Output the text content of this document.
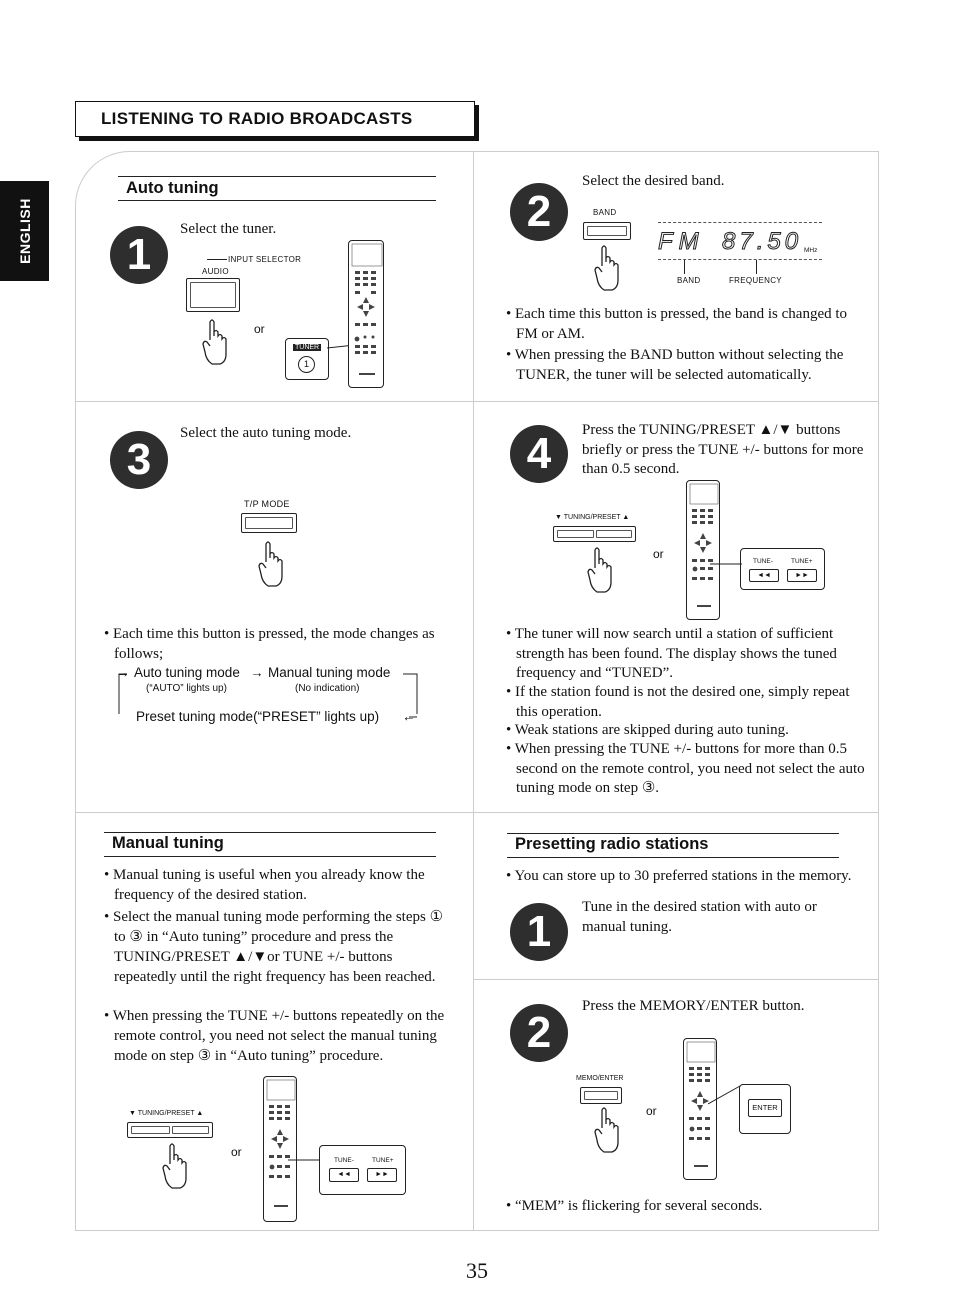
LISTENING TO RADIO BROADCASTS
ENGLISH
Auto tuning
1
Select the tuner.
INPUT SELECTOR
AUDIO
or
TUNER
1
2
Select the desired band.
BAND
FM 87.50 MHz
BAND	FREQUENCY
• Each time this button is pressed, the band is changed to FM or AM.
• When pressing the BAND button without selecting the TUNER, the tuner will be selected automatically.
3
Select the auto tuning mode.
T/P MODE
• Each time this button is pressed, the mode changes as follows;
→ Auto tuning mode → Manual tuning mode
(“AUTO” lights up)	(No indication)
Preset tuning mode(“PRESET” lights up) ←
4	Press the TUNING/PRESET ▲/▼ buttons briefly or press the TUNE +/- buttons for more than 0.5 second.
▼ TUNING/PRESET ▲
or
TUNE-	TUNE+
◄◄	►►
• The tuner will now search until a station of sufficient strength has been found. The display shows the tuned frequency and “TUNED”.
• If the station found is not the desired one, simply repeat this operation.
• Weak stations are skipped during auto tuning.
• When pressing the TUNE +/- buttons for more than 0.5 second on the remote control, you need not select the auto tuning mode on step ③.
Manual tuning
• Manual tuning is useful when you already know the frequency of the desired station.
• Select the manual tuning mode performing the steps ① to ③ in “Auto tuning” procedure and press the TUNING/PRESET ▲/▼or TUNE +/- buttons repeatedly until the right frequency has been reached.
• When pressing the TUNE +/- buttons repeatedly on the remote control, you need not select the manual tuning mode on step ③ in “Auto tuning” procedure.
▼ TUNING/PRESET ▲
or
TUNE-	TUNE+
◄◄	►►
Presetting radio stations
• You can store up to 30 preferred stations in the memory.
1	Tune in the desired station with auto or manual tuning.
2
Press the MEMORY/ENTER button.
MEMO/ENTER
or	ENTER
• “MEM” is flickering for several seconds.
35
